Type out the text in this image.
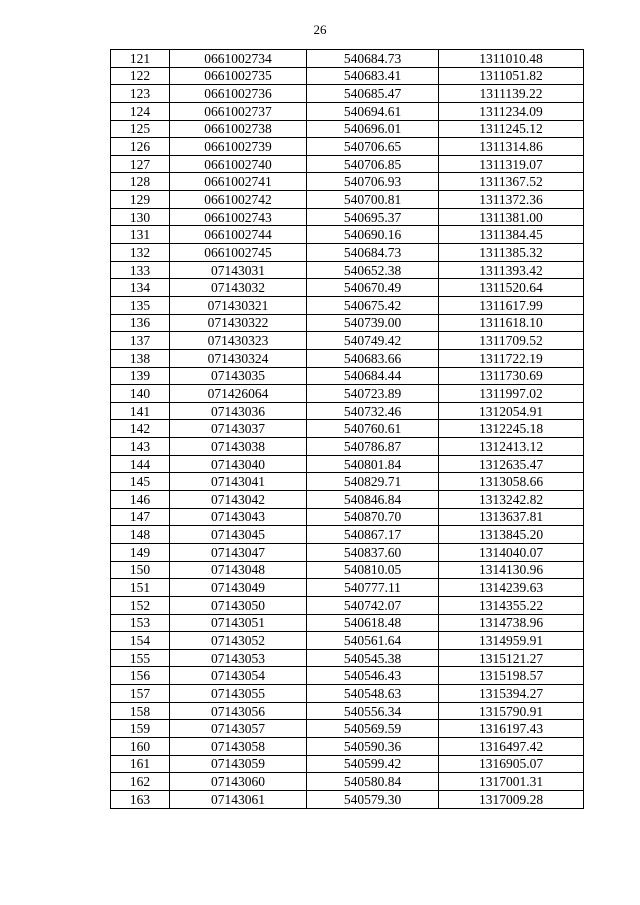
26
121	0661002734	540684.73	1311010.48
122	0661002735	540683.41	1311051.82
123	0661002736	540685.47	1311139.22
124	0661002737	540694.61	1311234.09
125	0661002738	540696.01	1311245.12
126	0661002739	540706.65	1311314.86
127	0661002740	540706.85	1311319.07
128	0661002741	540706.93	1311367.52
129	0661002742	540700.81	1311372.36
130	0661002743	540695.37	1311381.00
131	0661002744	540690.16	1311384.45
132	0661002745	540684.73	1311385.32
133	07143031	540652.38	1311393.42
134	07143032	540670.49	1311520.64
135	071430321	540675.42	1311617.99
136	071430322	540739.00	1311618.10
137	071430323	540749.42	1311709.52
138	071430324	540683.66	1311722.19
139	07143035	540684.44	1311730.69
140	071426064	540723.89	1311997.02
141	07143036	540732.46	1312054.91
142	07143037	540760.61	1312245.18
143	07143038	540786.87	1312413.12
144	07143040	540801.84	1312635.47
145	07143041	540829.71	1313058.66
146	07143042	540846.84	1313242.82
147	07143043	540870.70	1313637.81
148	07143045	540867.17	1313845.20
149	07143047	540837.60	1314040.07
150	07143048	540810.05	1314130.96
151	07143049	540777.11	1314239.63
152	07143050	540742.07	1314355.22
153	07143051	540618.48	1314738.96
154	07143052	540561.64	1314959.91
155	07143053	540545.38	1315121.27
156	07143054	540546.43	1315198.57
157	07143055	540548.63	1315394.27
158	07143056	540556.34	1315790.91
159	07143057	540569.59	1316197.43
160	07143058	540590.36	1316497.42
161	07143059	540599.42	1316905.07
162	07143060	540580.84	1317001.31
163	07143061	540579.30	1317009.28
